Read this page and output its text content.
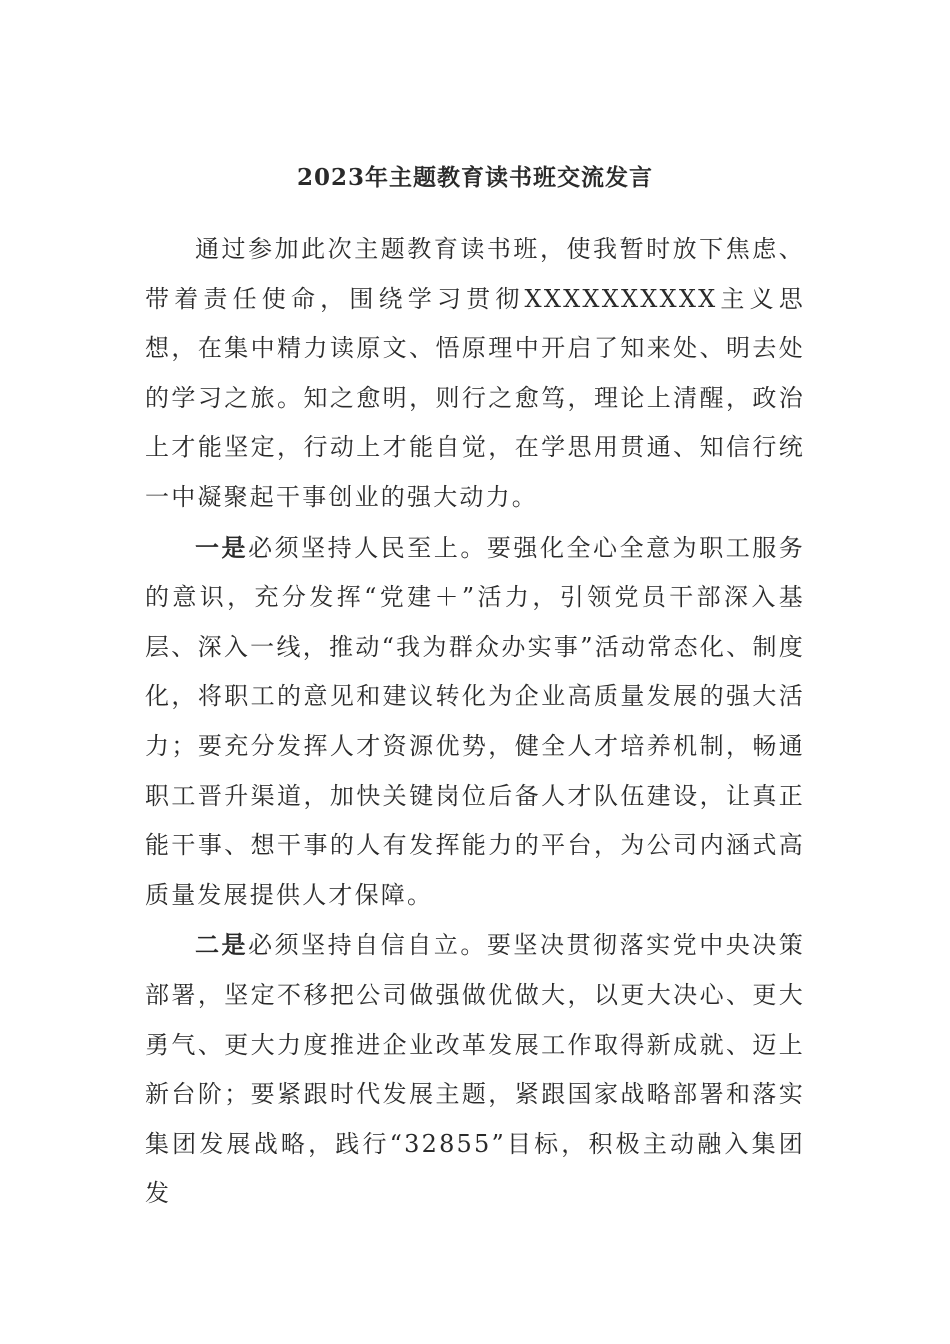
2023年主题教育读书班交流发言

通过参加此次主题教育读书班，使我暂时放下焦虑、带着责任使命，围绕学习贯彻XXXXXXXXXX主义思想，在集中精力读原文、悟原理中开启了知来处、明去处的学习之旅。知之愈明，则行之愈笃，理论上清醒，政治上才能坚定，行动上才能自觉，在学思用贯通、知信行统一中凝聚起干事创业的强大动力。

一是必须坚持人民至上。要强化全心全意为职工服务的意识，充分发挥“党建＋”活力，引领党员干部深入基层、深入一线，推动“我为群众办实事”活动常态化、制度化，将职工的意见和建议转化为企业高质量发展的强大活力；要充分发挥人才资源优势，健全人才培养机制，畅通职工晋升渠道，加快关键岗位后备人才队伍建设，让真正能干事、想干事的人有发挥能力的平台，为公司内涵式高质量发展提供人才保障。

二是必须坚持自信自立。要坚决贯彻落实党中央决策部署，坚定不移把公司做强做优做大，以更大决心、更大勇气、更大力度推进企业改革发展工作取得新成就、迈上新台阶；要紧跟时代发展主题，紧跟国家战略部署和落实集团发展战略，践行“32855”目标，积极主动融入集团发
